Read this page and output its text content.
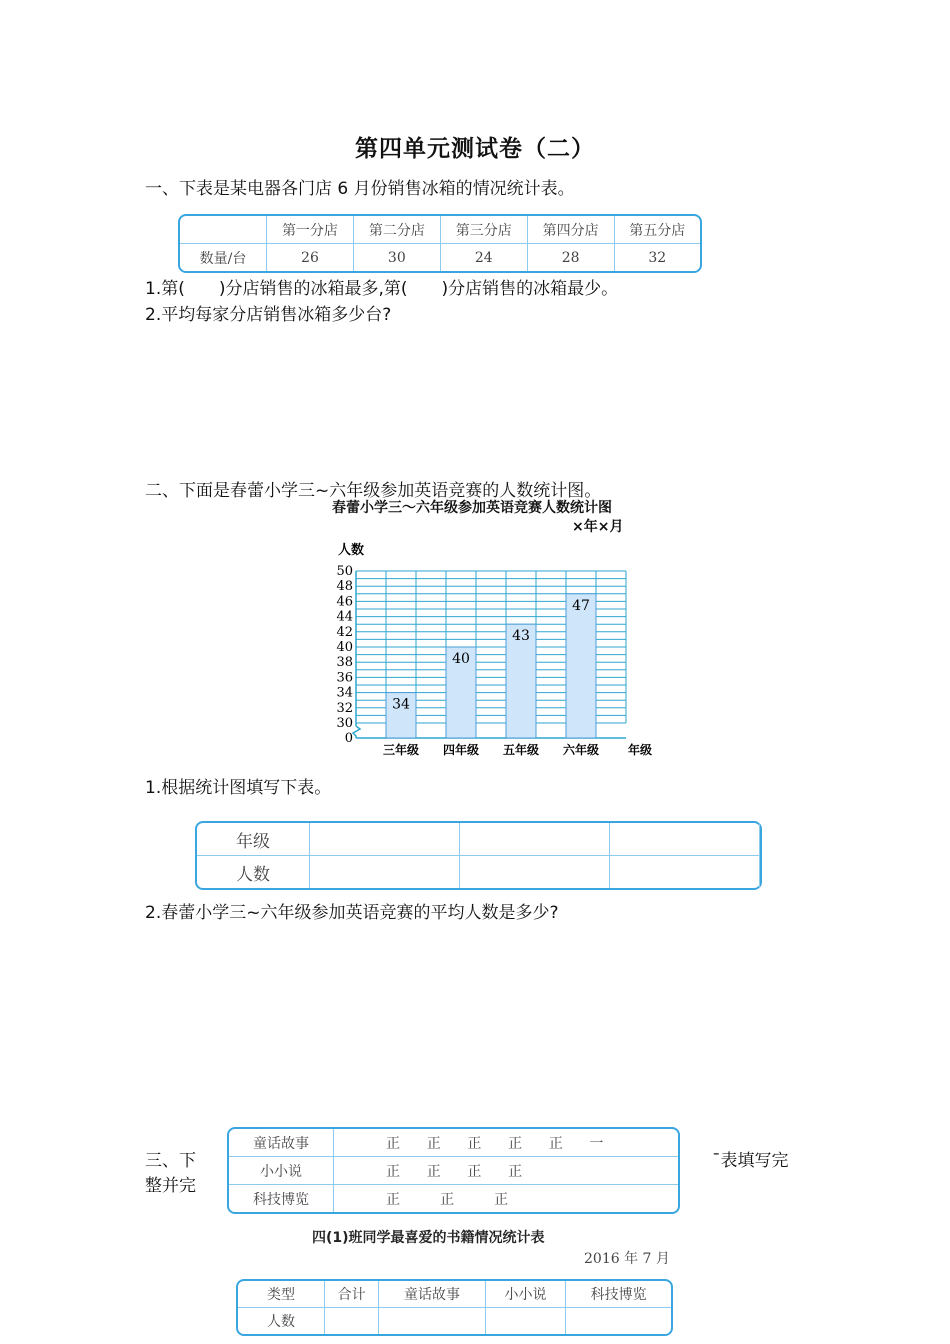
第四单元测试卷（二）
一、下表是某电器各门店 6 月份销售冰箱的情况统计表。
	第一分店	第二分店	第三分店	第四分店	第五分店
数量/台	26	30	24	28	32
1.第(　　)分店销售的冰箱最多,第(　　)分店销售的冰箱最少。
2.平均每家分店销售冰箱多少台?
二、下面是春蕾小学三~六年级参加英语竞赛的人数统计图。
春蕾小学三～六年级参加英语竞赛人数统计图
×年×月
人数
0
30
32
34
36
38
40
42
44
46
48
50
34
三年级
40
四年级
43
五年级
47
六年级 年级
1.根据统计图填写下表。
年级				
人数				
2.春蕾小学三~六年级参加英语竞赛的平均人数是多少?
三、下
整并完
¯表填写完
童话故事	正 正 正 正 正 一
小小说	正 正 正 正
科技博览	正 正 正
四(1)班同学最喜爱的书籍情况统计表
2016 年 7 月
类型	合计	童话故事	小小说	科技博览
人数				
